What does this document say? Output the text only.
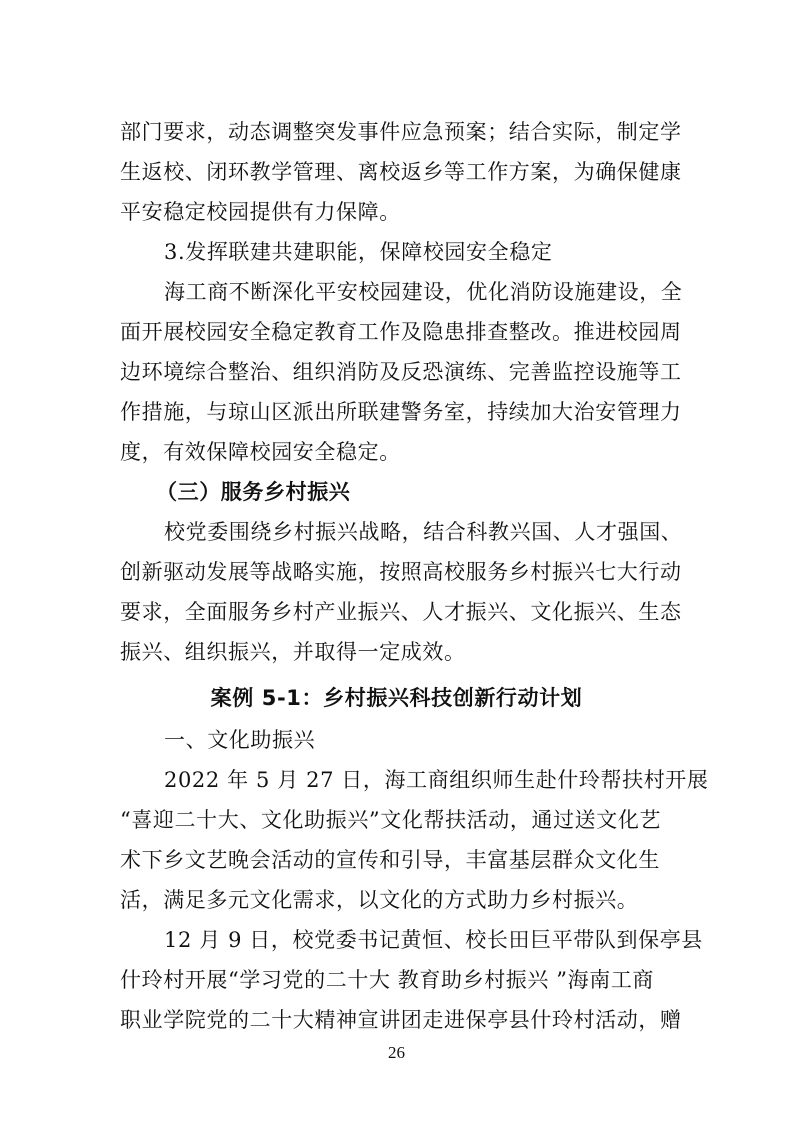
部门要求，动态调整突发事件应急预案；结合实际，制定学
生返校、闭环教学管理、离校返乡等工作方案，为确保健康
平安稳定校园提供有力保障。
3.发挥联建共建职能，保障校园安全稳定
海工商不断深化平安校园建设，优化消防设施建设，全
面开展校园安全稳定教育工作及隐患排查整改。推进校园周
边环境综合整治、组织消防及反恐演练、完善监控设施等工
作措施，与琼山区派出所联建警务室，持续加大治安管理力
度，有效保障校园安全稳定。
（三）服务乡村振兴
校党委围绕乡村振兴战略，结合科教兴国、人才强国、
创新驱动发展等战略实施，按照高校服务乡村振兴七大行动
要求，全面服务乡村产业振兴、人才振兴、文化振兴、生态
振兴、组织振兴，并取得一定成效。
案例 5-1：乡村振兴科技创新行动计划
一、文化助振兴
2022 年 5 月 27 日，海工商组织师生赴什玲帮扶村开展
“喜迎二十大、文化助振兴”文化帮扶活动，通过送文化艺
术下乡文艺晚会活动的宣传和引导，丰富基层群众文化生
活，满足多元文化需求，以文化的方式助力乡村振兴。
12 月 9 日，校党委书记黄恒、校长田巨平带队到保亭县
什玲村开展“学习党的二十大 教育助乡村振兴 ”海南工商
职业学院党的二十大精神宣讲团走进保亭县什玲村活动，赠
26
